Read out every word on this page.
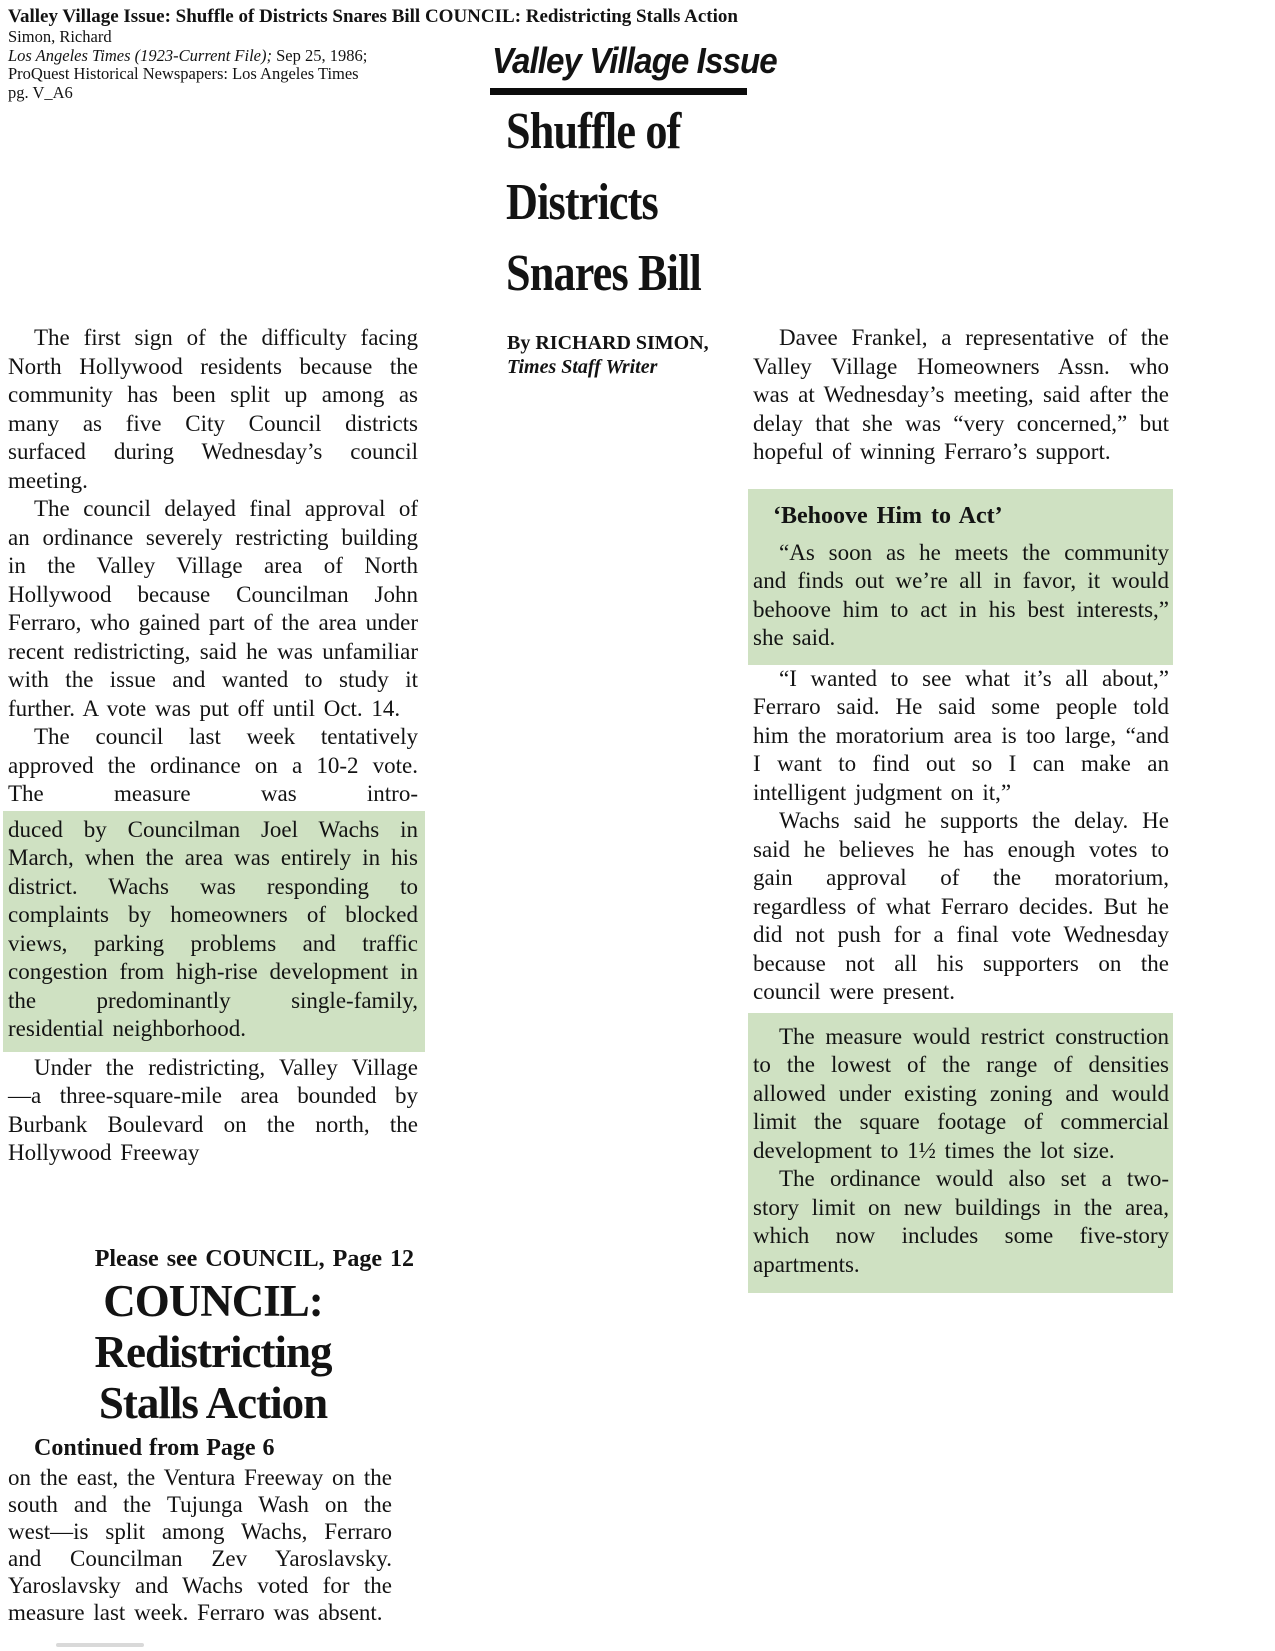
Valley Village Issue: Shuffle of Districts Snares Bill COUNCIL: Redistricting Stalls Action
Simon, Richard
Los Angeles Times (1923-Current File); Sep 25, 1986;
ProQuest Historical Newspapers: Los Angeles Times
pg. V_A6
Valley Village Issue
Shuffle of
Districts
Snares Bill
By RICHARD SIMON,
Times Staff Writer

The first sign of the difficulty facing North Hollywood residents because the community has been split up among as many as five City Council districts surfaced during Wednesday’s council meeting.

The council delayed final approval of an ordinance severely restricting building in the Valley Village area of North Hollywood because Councilman John Ferraro, who gained part of the area under recent redistricting, said he was unfamiliar with the issue and wanted to study it further. A vote was put off until Oct. 14.

The council last week tentatively approved the ordinance on a 10-2 vote. The measure was intro-

duced by Councilman Joel Wachs in March, when the area was entirely in his district. Wachs was responding to complaints by homeowners of blocked views, parking problems and traffic congestion from high-rise development in the predominantly single-family, residential neighborhood.

Under the redistricting, Valley Village—a three-square-mile area bounded by Burbank Boulevard on the north, the Hollywood Freeway

Please see COUNCIL, Page 12
COUNCIL:
Redistricting
Stalls Action
Continued from Page 6

on the east, the Ventura Freeway on the south and the Tujunga Wash on the west—is split among Wachs, Ferraro and Councilman Zev Yaroslavsky. Yaroslavsky and Wachs voted for the measure last week. Ferraro was absent.

Davee Frankel, a representative of the Valley Village Homeowners Assn. who was at Wednesday’s meeting, said after the delay that she was “very concerned,” but hopeful of winning Ferraro’s support.

‘Behoove Him to Act’

“As soon as he meets the community and finds out we’re all in favor, it would behoove him to act in his best interests,” she said.

“I wanted to see what it’s all about,” Ferraro said. He said some people told him the moratorium area is too large, “and I want to find out so I can make an intelligent judgment on it,”

Wachs said he supports the delay. He said he believes he has enough votes to gain approval of the moratorium, regardless of what Ferraro decides. But he did not push for a final vote Wednesday because not all his supporters on the council were present.

The measure would restrict construction to the lowest of the range of densities allowed under existing zoning and would limit the square footage of commercial development to 1½ times the lot size.

The ordinance would also set a two-story limit on new buildings in the area, which now includes some five-story apartments.
